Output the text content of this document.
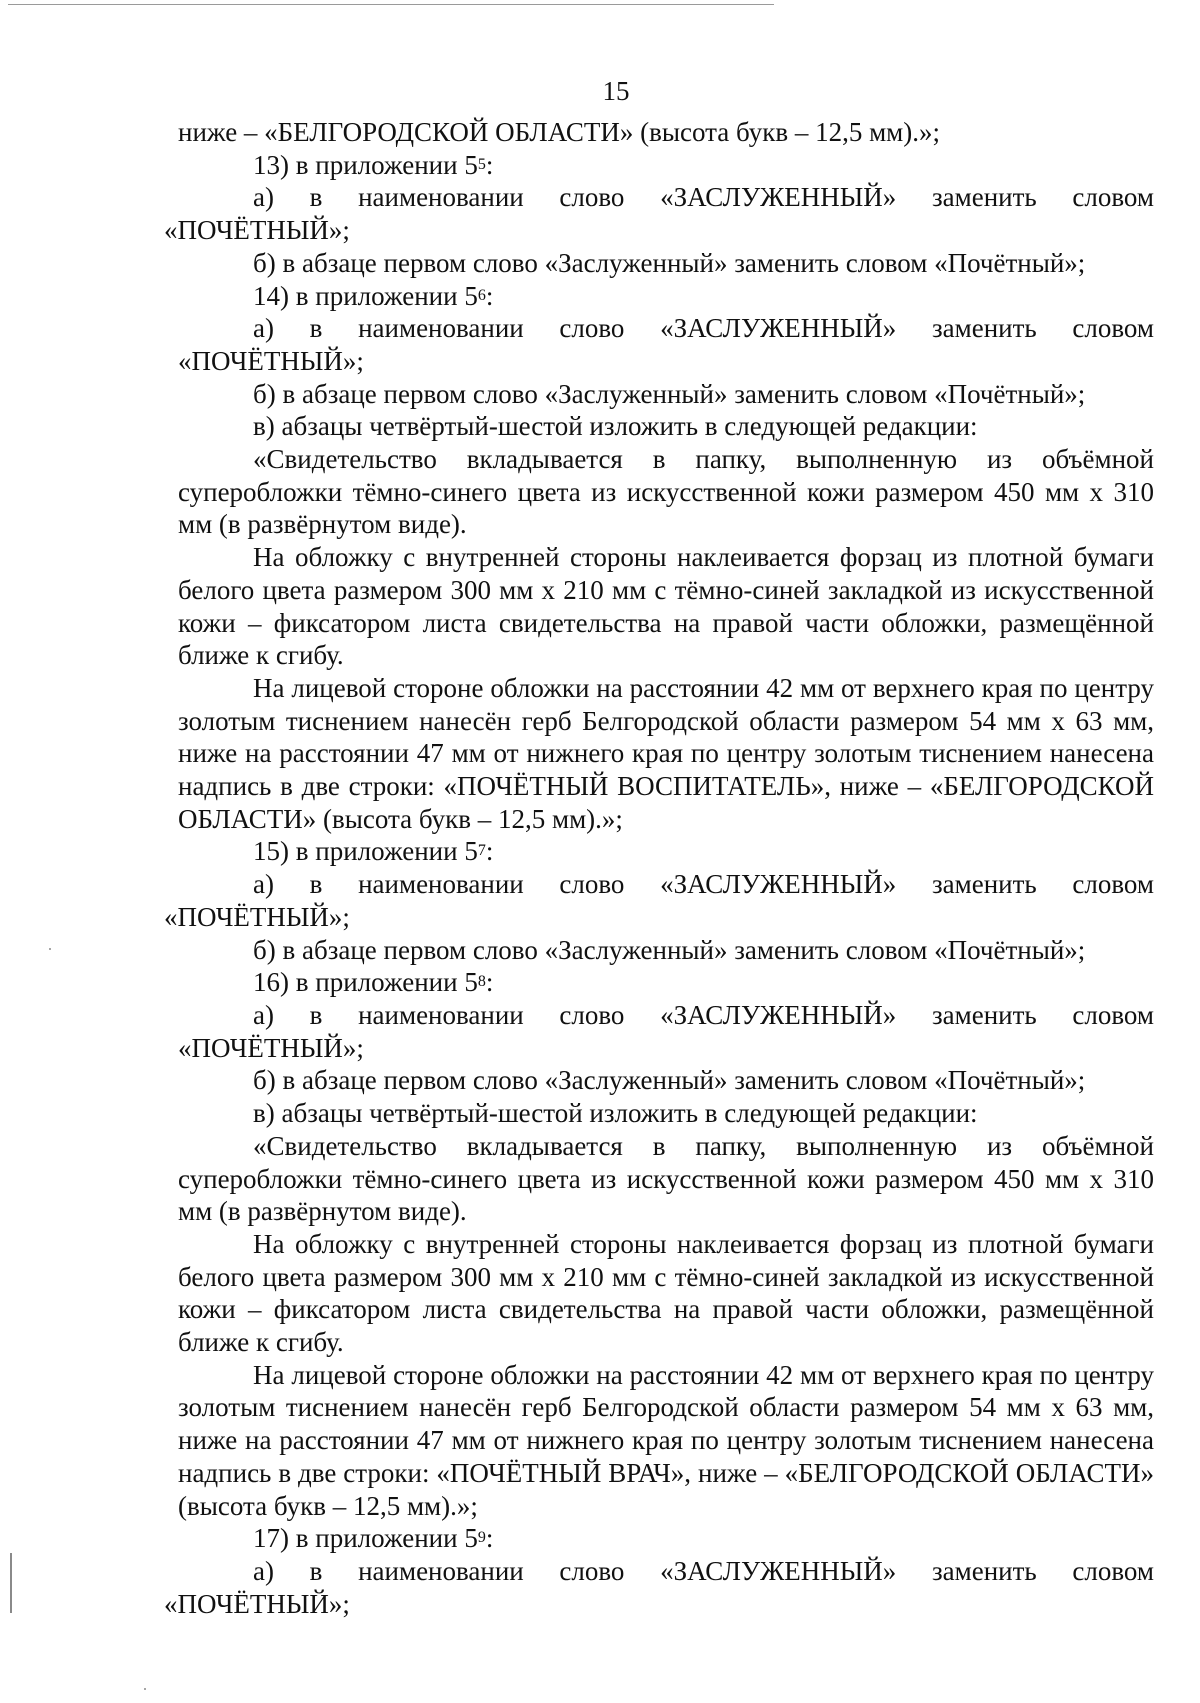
15

ниже – «БЕЛГОРОДСКОЙ ОБЛАСТИ» (высота букв – 12,5 мм).»;

13) в приложении $5^5$:

а) в наименовании слово «ЗАСЛУЖЕННЫЙ» заменить словом

«ПОЧЁТНЫЙ»;

б) в абзаце первом слово «Заслуженный» заменить словом «Почётный»;

14) в приложении $5^6$:

а) в наименовании слово «ЗАСЛУЖЕННЫЙ» заменить словом

«ПОЧЁТНЫЙ»;

б) в абзаце первом слово «Заслуженный» заменить словом «Почётный»;

в) абзацы четвёртый-шестой изложить в следующей редакции:

«Свидетельство вкладывается в папку, выполненную из объёмной суперобложки тёмно-синего цвета из искусственной кожи размером 450 мм х 310 мм (в развёрнутом виде).

На обложку с внутренней стороны наклеивается форзац из плотной бумаги белого цвета размером 300 мм х 210 мм с тёмно-синей закладкой из искусственной кожи – фиксатором листа свидетельства на правой части обложки, размещённой ближе к сгибу.

На лицевой стороне обложки на расстоянии 42 мм от верхнего края по центру золотым тиснением нанесён герб Белгородской области размером 54 мм х 63 мм, ниже на расстоянии 47 мм от нижнего края по центру золотым тиснением нанесена надпись в две строки: «ПОЧЁТНЫЙ ВОСПИТАТЕЛЬ», ниже – «БЕЛГОРОДСКОЙ ОБЛАСТИ» (высота букв – 12,5 мм).»;

15) в приложении $5^7$:

а) в наименовании слово «ЗАСЛУЖЕННЫЙ» заменить словом

«ПОЧЁТНЫЙ»;

б) в абзаце первом слово «Заслуженный» заменить словом «Почётный»;

16) в приложении $5^8$:

а) в наименовании слово «ЗАСЛУЖЕННЫЙ» заменить словом

«ПОЧЁТНЫЙ»;

б) в абзаце первом слово «Заслуженный» заменить словом «Почётный»;

в) абзацы четвёртый-шестой изложить в следующей редакции:

«Свидетельство вкладывается в папку, выполненную из объёмной суперобложки тёмно-синего цвета из искусственной кожи размером 450 мм х 310 мм (в развёрнутом виде).

На обложку с внутренней стороны наклеивается форзац из плотной бумаги белого цвета размером 300 мм х 210 мм с тёмно-синей закладкой из искусственной кожи – фиксатором листа свидетельства на правой части обложки, размещённой ближе к сгибу.

На лицевой стороне обложки на расстоянии 42 мм от верхнего края по центру золотым тиснением нанесён герб Белгородской области размером 54 мм х 63 мм, ниже на расстоянии 47 мм от нижнего края по центру золотым тиснением нанесена надпись в две строки: «ПОЧЁТНЫЙ ВРАЧ», ниже – «БЕЛГОРОДСКОЙ ОБЛАСТИ» (высота букв – 12,5 мм).»;

17) в приложении $5^9$:

а) в наименовании слово «ЗАСЛУЖЕННЫЙ» заменить словом

«ПОЧЁТНЫЙ»;
